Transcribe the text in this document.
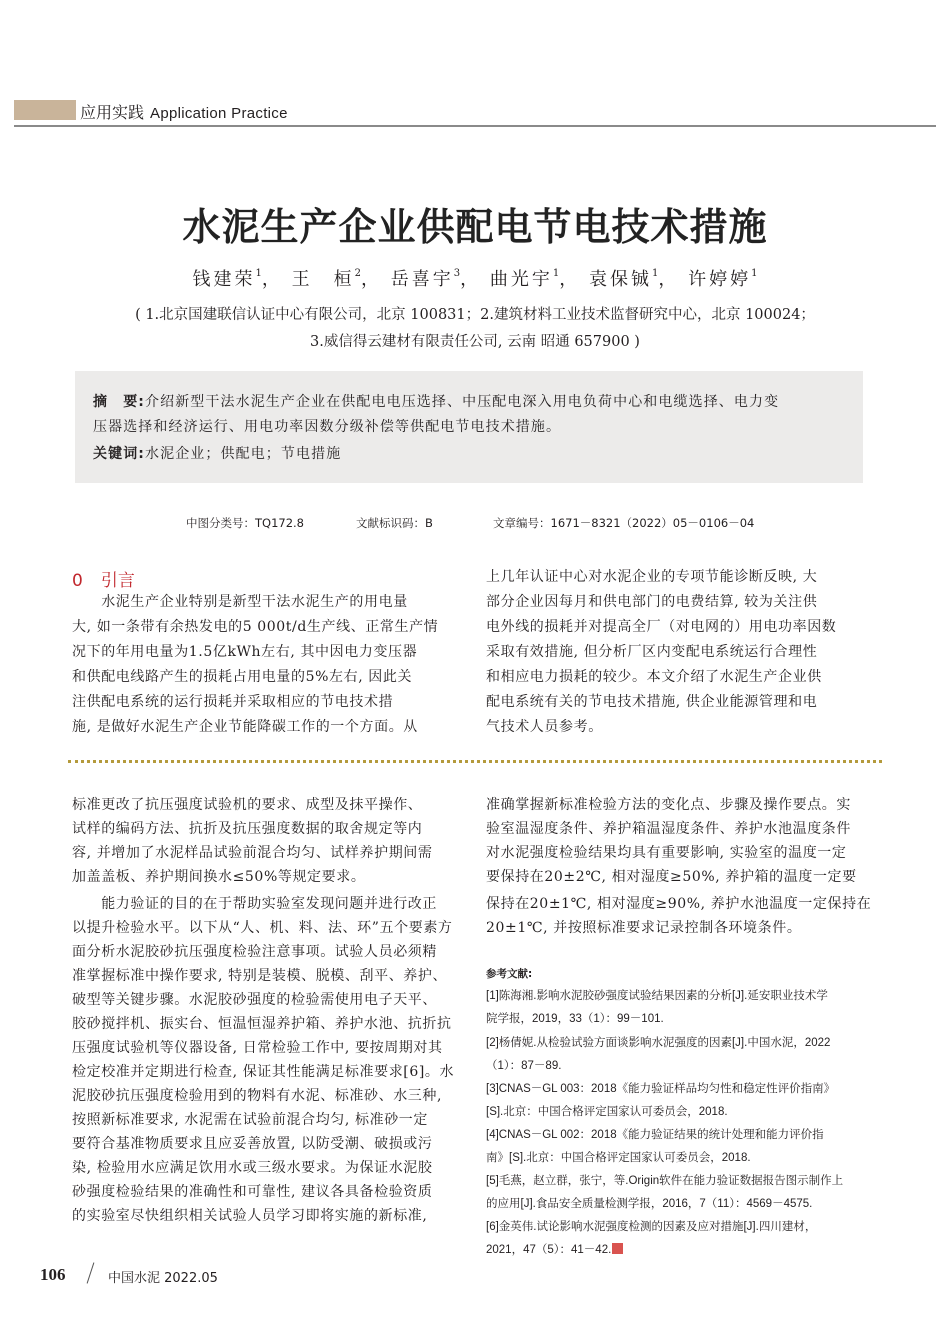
应用实践 Application Practice
水泥生产企业供配电节电技术措施
钱建荣$^1$， 王　桓$^2$， 岳喜宇$^3$， 曲光宇$^1$， 袁保铖$^1$， 许婷婷$^1$
( 1.北京国建联信认证中心有限公司，北京 100831；2.建筑材料工业技术监督研究中心，北京 100024；
3.威信得云建材有限责任公司, 云南 昭通 657900 )
摘　要:介绍新型干法水泥生产企业在供配电电压选择、中压配电深入用电负荷中心和电缆选择、电力变
压器选择和经济运行、用电功率因数分级补偿等供配电节电技术措施。
关键词:水泥企业；供配电；节电措施
中图分类号：TQ172.8	文献标识码：B	文章编号：1671－8321（2022）05－0106－04
0 引言
　　水泥生产企业特别是新型干法水泥生产的用电量
大, 如一条带有余热发电的5 000t/d生产线、正常生产情
况下的年用电量为1.5亿kWh左右, 其中因电力变压器
和供配电线路产生的损耗占用电量的5%左右, 因此关
注供配电系统的运行损耗并采取相应的节电技术措
施, 是做好水泥生产企业节能降碳工作的一个方面。从
上几年认证中心对水泥企业的专项节能诊断反映, 大
部分企业因每月和供电部门的电费结算, 较为关注供
电外线的损耗并对提高全厂（对电网的）用电功率因数
采取有效措施, 但分析厂区内变配电系统运行合理性
和相应电力损耗的较少。本文介绍了水泥生产企业供
配电系统有关的节电技术措施, 供企业能源管理和电
气技术人员参考。
标准更改了抗压强度试验机的要求、成型及抹平操作、
试样的编码方法、抗折及抗压强度数据的取舍规定等内
容, 并增加了水泥样品试验前混合均匀、试样养护期间需
加盖盖板、养护期间换水≤50%等规定要求。
　　能力验证的目的在于帮助实验室发现问题并进行改正
以提升检验水平。以下从“人、机、料、法、环”五个要素方
面分析水泥胶砂抗压强度检验注意事项。试验人员必须精
准掌握标准中操作要求, 特别是装模、脱模、刮平、养护、
破型等关键步骤。水泥胶砂强度的检验需使用电子天平、
胶砂搅拌机、振实台、恒温恒湿养护箱、养护水池、抗折抗
压强度试验机等仪器设备, 日常检验工作中, 要按周期对其
检定校准并定期进行检查, 保证其性能满足标准要求[6]。水
泥胶砂抗压强度检验用到的物料有水泥、标准砂、水三种,
按照新标准要求, 水泥需在试验前混合均匀, 标准砂一定
要符合基准物质要求且应妥善放置, 以防受潮、破损或污
染, 检验用水应满足饮用水或三级水要求。为保证水泥胶
砂强度检验结果的准确性和可靠性, 建议各具备检验资质
的实验室尽快组织相关试验人员学习即将实施的新标准,
准确掌握新标准检验方法的变化点、步骤及操作要点。实
验室温湿度条件、养护箱温湿度条件、养护水池温度条件
对水泥强度检验结果均具有重要影响, 实验室的温度一定
要保持在20±2℃, 相对湿度≥50%, 养护箱的温度一定要
保持在20±1℃, 相对湿度≥90%, 养护水池温度一定保持在
20±1℃, 并按照标准要求记录控制各环境条件。
参考文献:
[1]陈海湘.影响水泥胶砂强度试验结果因素的分析[J].延安职业技术学
院学报，2019，33（1）：99－101.
[2]杨倩妮.从检验试验方面谈影响水泥强度的因素[J].中国水泥，2022
（1）：87－89.
[3]CNAS－GL 003：2018《能力验证样品均匀性和稳定性评价指南》
[S].北京：中国合格评定国家认可委员会，2018.
[4]CNAS－GL 002：2018《能力验证结果的统计处理和能力评价指
南》[S].北京：中国合格评定国家认可委员会，2018.
[5]毛燕，赵立群，张宁，等.Origin软件在能力验证数据报告图示制作上
的应用[J].食品安全质量检测学报，2016，7（11）：4569－4575.
[6]金英伟.试论影响水泥强度检测的因素及应对措施[J].四川建材，
2021，47（5）：41－42.
106	中国水泥 2022.05
